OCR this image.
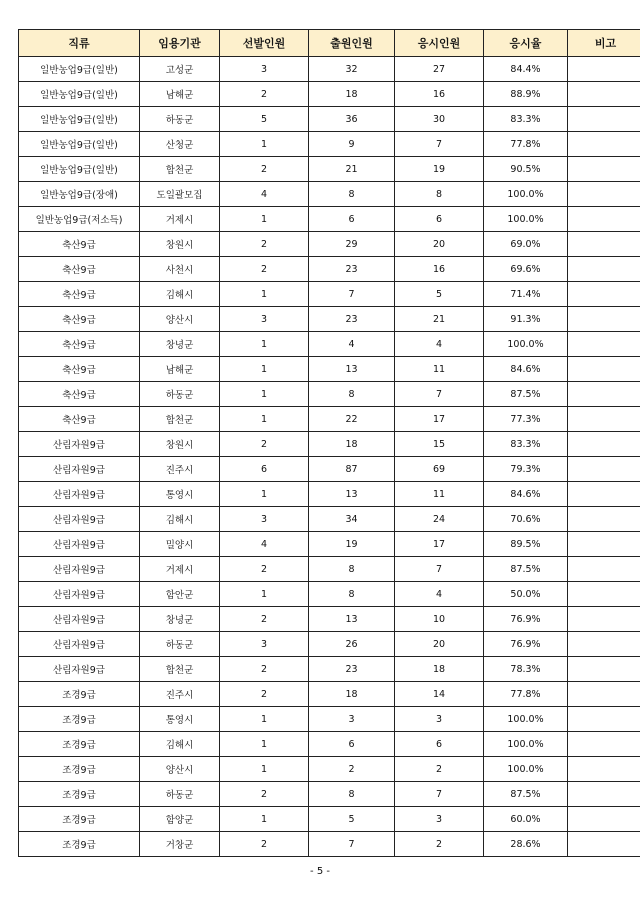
직류	임용기관	선발인원	출원인원	응시인원	응시율	비고
일반농업9급(일반)	고성군	3	32	27	84.4%	
일반농업9급(일반)	남해군	2	18	16	88.9%	
일반농업9급(일반)	하동군	5	36	30	83.3%	
일반농업9급(일반)	산청군	1	9	7	77.8%	
일반농업9급(일반)	합천군	2	21	19	90.5%	
일반농업9급(장애)	도일괄모집	4	8	8	100.0%	
일반농업9급(저소득)	거제시	1	6	6	100.0%	
축산9급	창원시	2	29	20	69.0%	
축산9급	사천시	2	23	16	69.6%	
축산9급	김해시	1	7	5	71.4%	
축산9급	양산시	3	23	21	91.3%	
축산9급	창녕군	1	4	4	100.0%	
축산9급	남해군	1	13	11	84.6%	
축산9급	하동군	1	8	7	87.5%	
축산9급	합천군	1	22	17	77.3%	
산림자원9급	창원시	2	18	15	83.3%	
산림자원9급	진주시	6	87	69	79.3%	
산림자원9급	통영시	1	13	11	84.6%	
산림자원9급	김해시	3	34	24	70.6%	
산림자원9급	밀양시	4	19	17	89.5%	
산림자원9급	거제시	2	8	7	87.5%	
산림자원9급	함안군	1	8	4	50.0%	
산림자원9급	창녕군	2	13	10	76.9%	
산림자원9급	하동군	3	26	20	76.9%	
산림자원9급	합천군	2	23	18	78.3%	
조경9급	진주시	2	18	14	77.8%	
조경9급	통영시	1	3	3	100.0%	
조경9급	김해시	1	6	6	100.0%	
조경9급	양산시	1	2	2	100.0%	
조경9급	하동군	2	8	7	87.5%	
조경9급	함양군	1	5	3	60.0%	
조경9급	거창군	2	7	2	28.6%	
- 5 -
